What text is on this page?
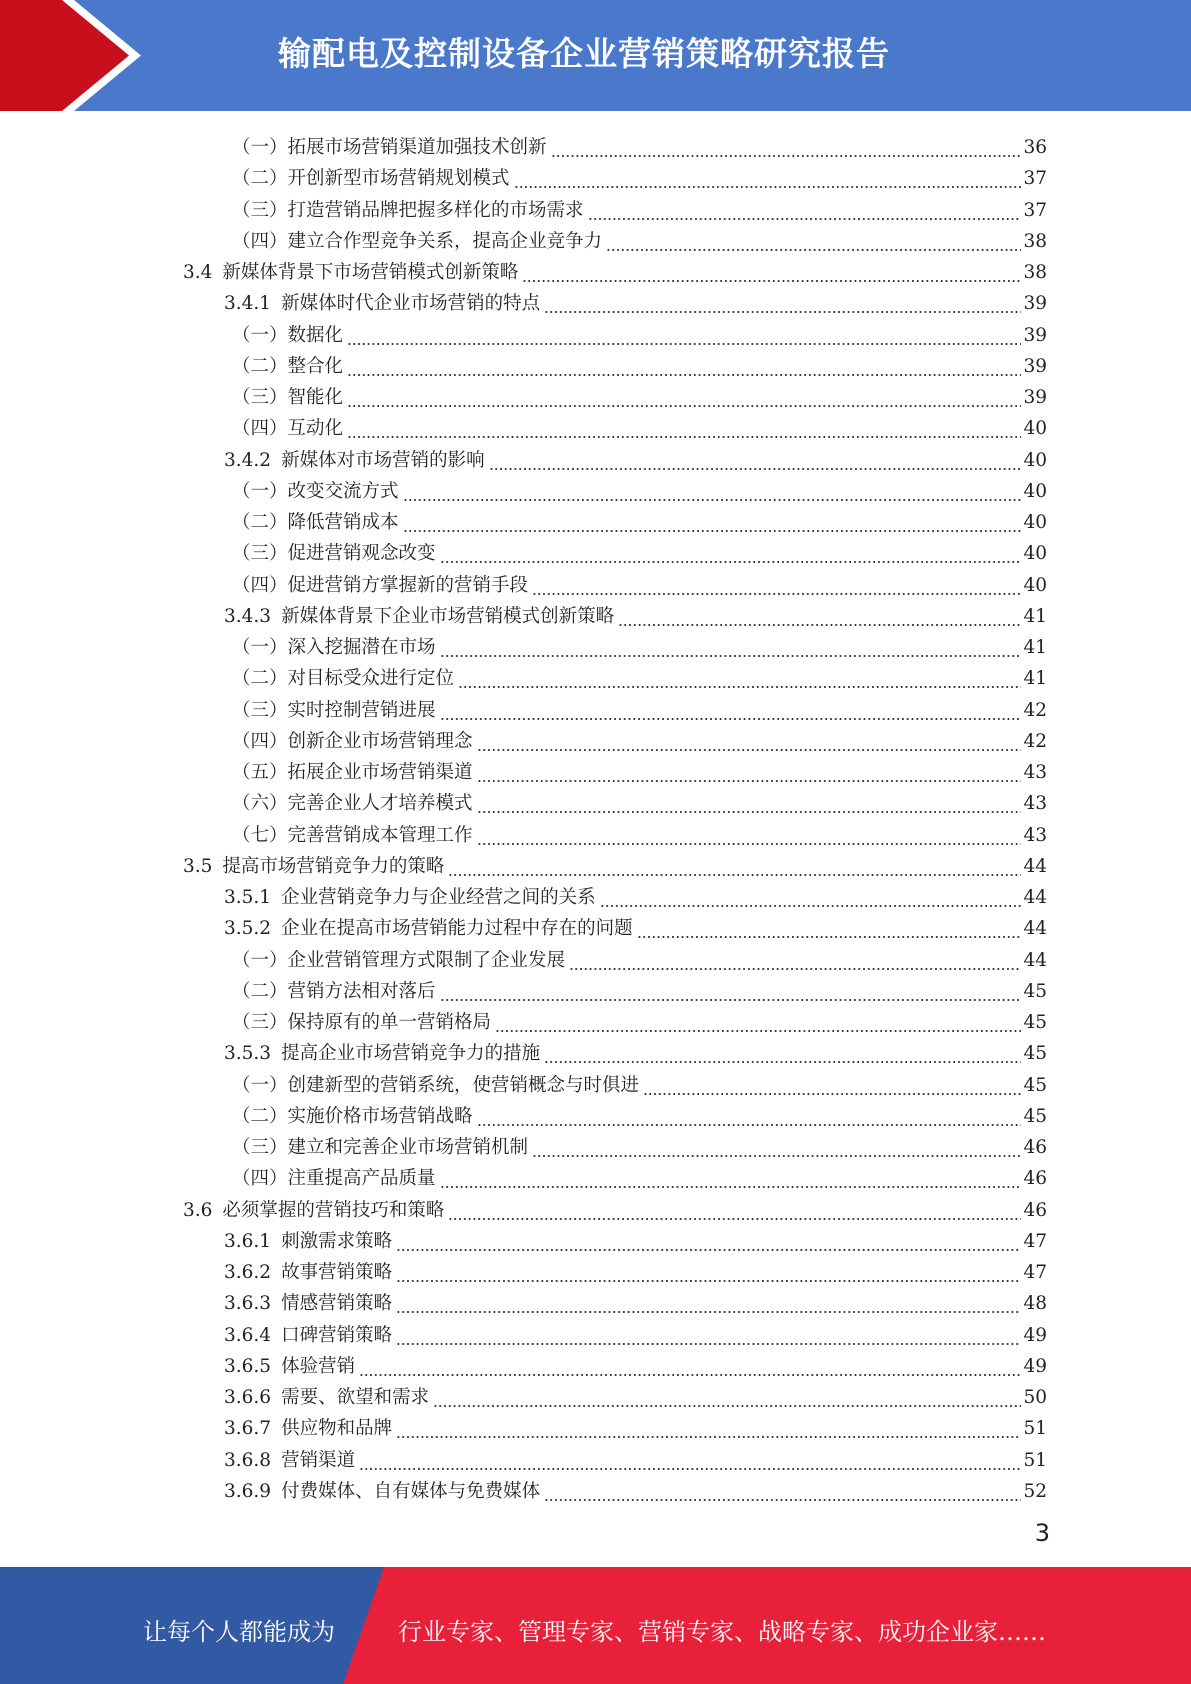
输配电及控制设备企业营销策略研究报告
（一）拓展市场营销渠道加强技术创新	36
（二）开创新型市场营销规划模式	37
（三）打造营销品牌把握多样化的市场需求	37
（四）建立合作型竞争关系，提高企业竞争力	38
3.4 新媒体背景下市场营销模式创新策略	38
3.4.1 新媒体时代企业市场营销的特点	39
（一）数据化	39
（二）整合化	39
（三）智能化	39
（四）互动化	40
3.4.2 新媒体对市场营销的影响	40
（一）改变交流方式	40
（二）降低营销成本	40
（三）促进营销观念改变	40
（四）促进营销方掌握新的营销手段	40
3.4.3 新媒体背景下企业市场营销模式创新策略	41
（一）深入挖掘潜在市场	41
（二）对目标受众进行定位	41
（三）实时控制营销进展	42
（四）创新企业市场营销理念	42
（五）拓展企业市场营销渠道	43
（六）完善企业人才培养模式	43
（七）完善营销成本管理工作	43
3.5 提高市场营销竞争力的策略	44
3.5.1 企业营销竞争力与企业经营之间的关系	44
3.5.2 企业在提高市场营销能力过程中存在的问题	44
（一）企业营销管理方式限制了企业发展	44
（二）营销方法相对落后	45
（三）保持原有的单一营销格局	45
3.5.3 提高企业市场营销竞争力的措施	45
（一）创建新型的营销系统，使营销概念与时俱进	45
（二）实施价格市场营销战略	45
（三）建立和完善企业市场营销机制	46
（四）注重提高产品质量	46
3.6 必须掌握的营销技巧和策略	46
3.6.1 刺激需求策略	47
3.6.2 故事营销策略	47
3.6.3 情感营销策略	48
3.6.4 口碑营销策略	49
3.6.5 体验营销	49
3.6.6 需要、欲望和需求	50
3.6.7 供应物和品牌	51
3.6.8 营销渠道	51
3.6.9 付费媒体、自有媒体与免费媒体	52
3
让每个人都能成为	行业专家、管理专家、营销专家、战略专家、成功企业家……
